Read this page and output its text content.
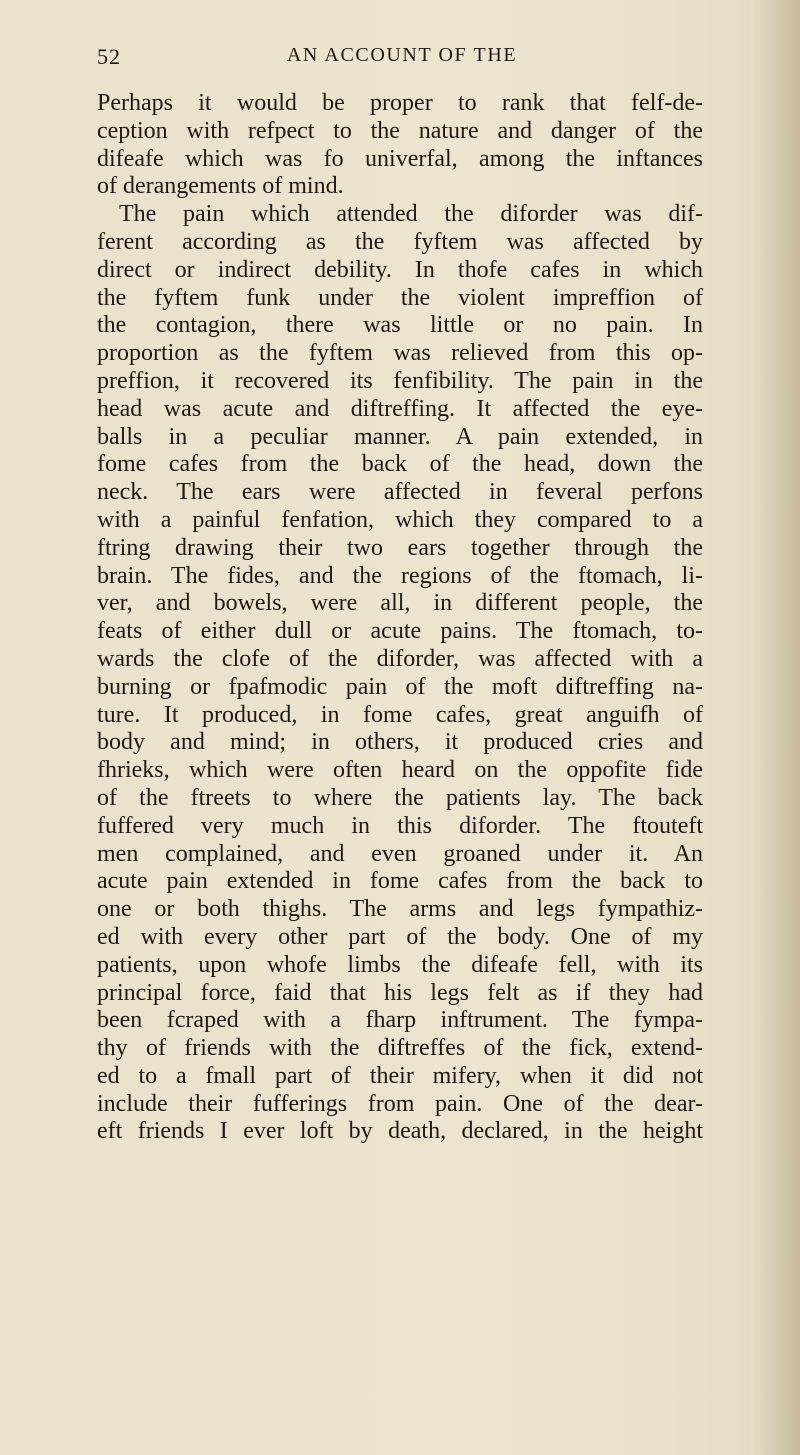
52	AN ACCOUNT OF THE
Perhaps it would be proper to rank that felf-de-
ception with refpect to the nature and danger of the
difeafe which was fo univerfal, among the inftances
of derangements of mind.
The pain which attended the diforder was dif-
ferent according as the fyftem was affected by
direct or indirect debility. In thofe cafes in which
the fyftem funk under the violent impreffion of
the contagion, there was little or no pain. In
proportion as the fyftem was relieved from this op-
preffion, it recovered its fenfibility. The pain in the
head was acute and diftreffing. It affected the eye-
balls in a peculiar manner. A pain extended, in
fome cafes from the back of the head, down the
neck. The ears were affected in feveral perfons
with a painful fenfation, which they compared to a
ftring drawing their two ears together through the
brain. The fides, and the regions of the ftomach, li-
ver, and bowels, were all, in different people, the
feats of either dull or acute pains. The ftomach, to-
wards the clofe of the diforder, was affected with a
burning or fpafmodic pain of the moft diftreffing na-
ture. It produced, in fome cafes, great anguifh of
body and mind; in others, it produced cries and
fhrieks, which were often heard on the oppofite fide
of the ftreets to where the patients lay. The back
fuffered very much in this diforder. The ftouteft
men complained, and even groaned under it. An
acute pain extended in fome cafes from the back to
one or both thighs. The arms and legs fympathiz-
ed with every other part of the body. One of my
patients, upon whofe limbs the difeafe fell, with its
principal force, faid that his legs felt as if they had
been fcraped with a fharp inftrument. The fympa-
thy of friends with the diftreffes of the fick, extend-
ed to a fmall part of their mifery, when it did not
include their fufferings from pain. One of the dear-
eft friends I ever loft by death, declared, in the height
